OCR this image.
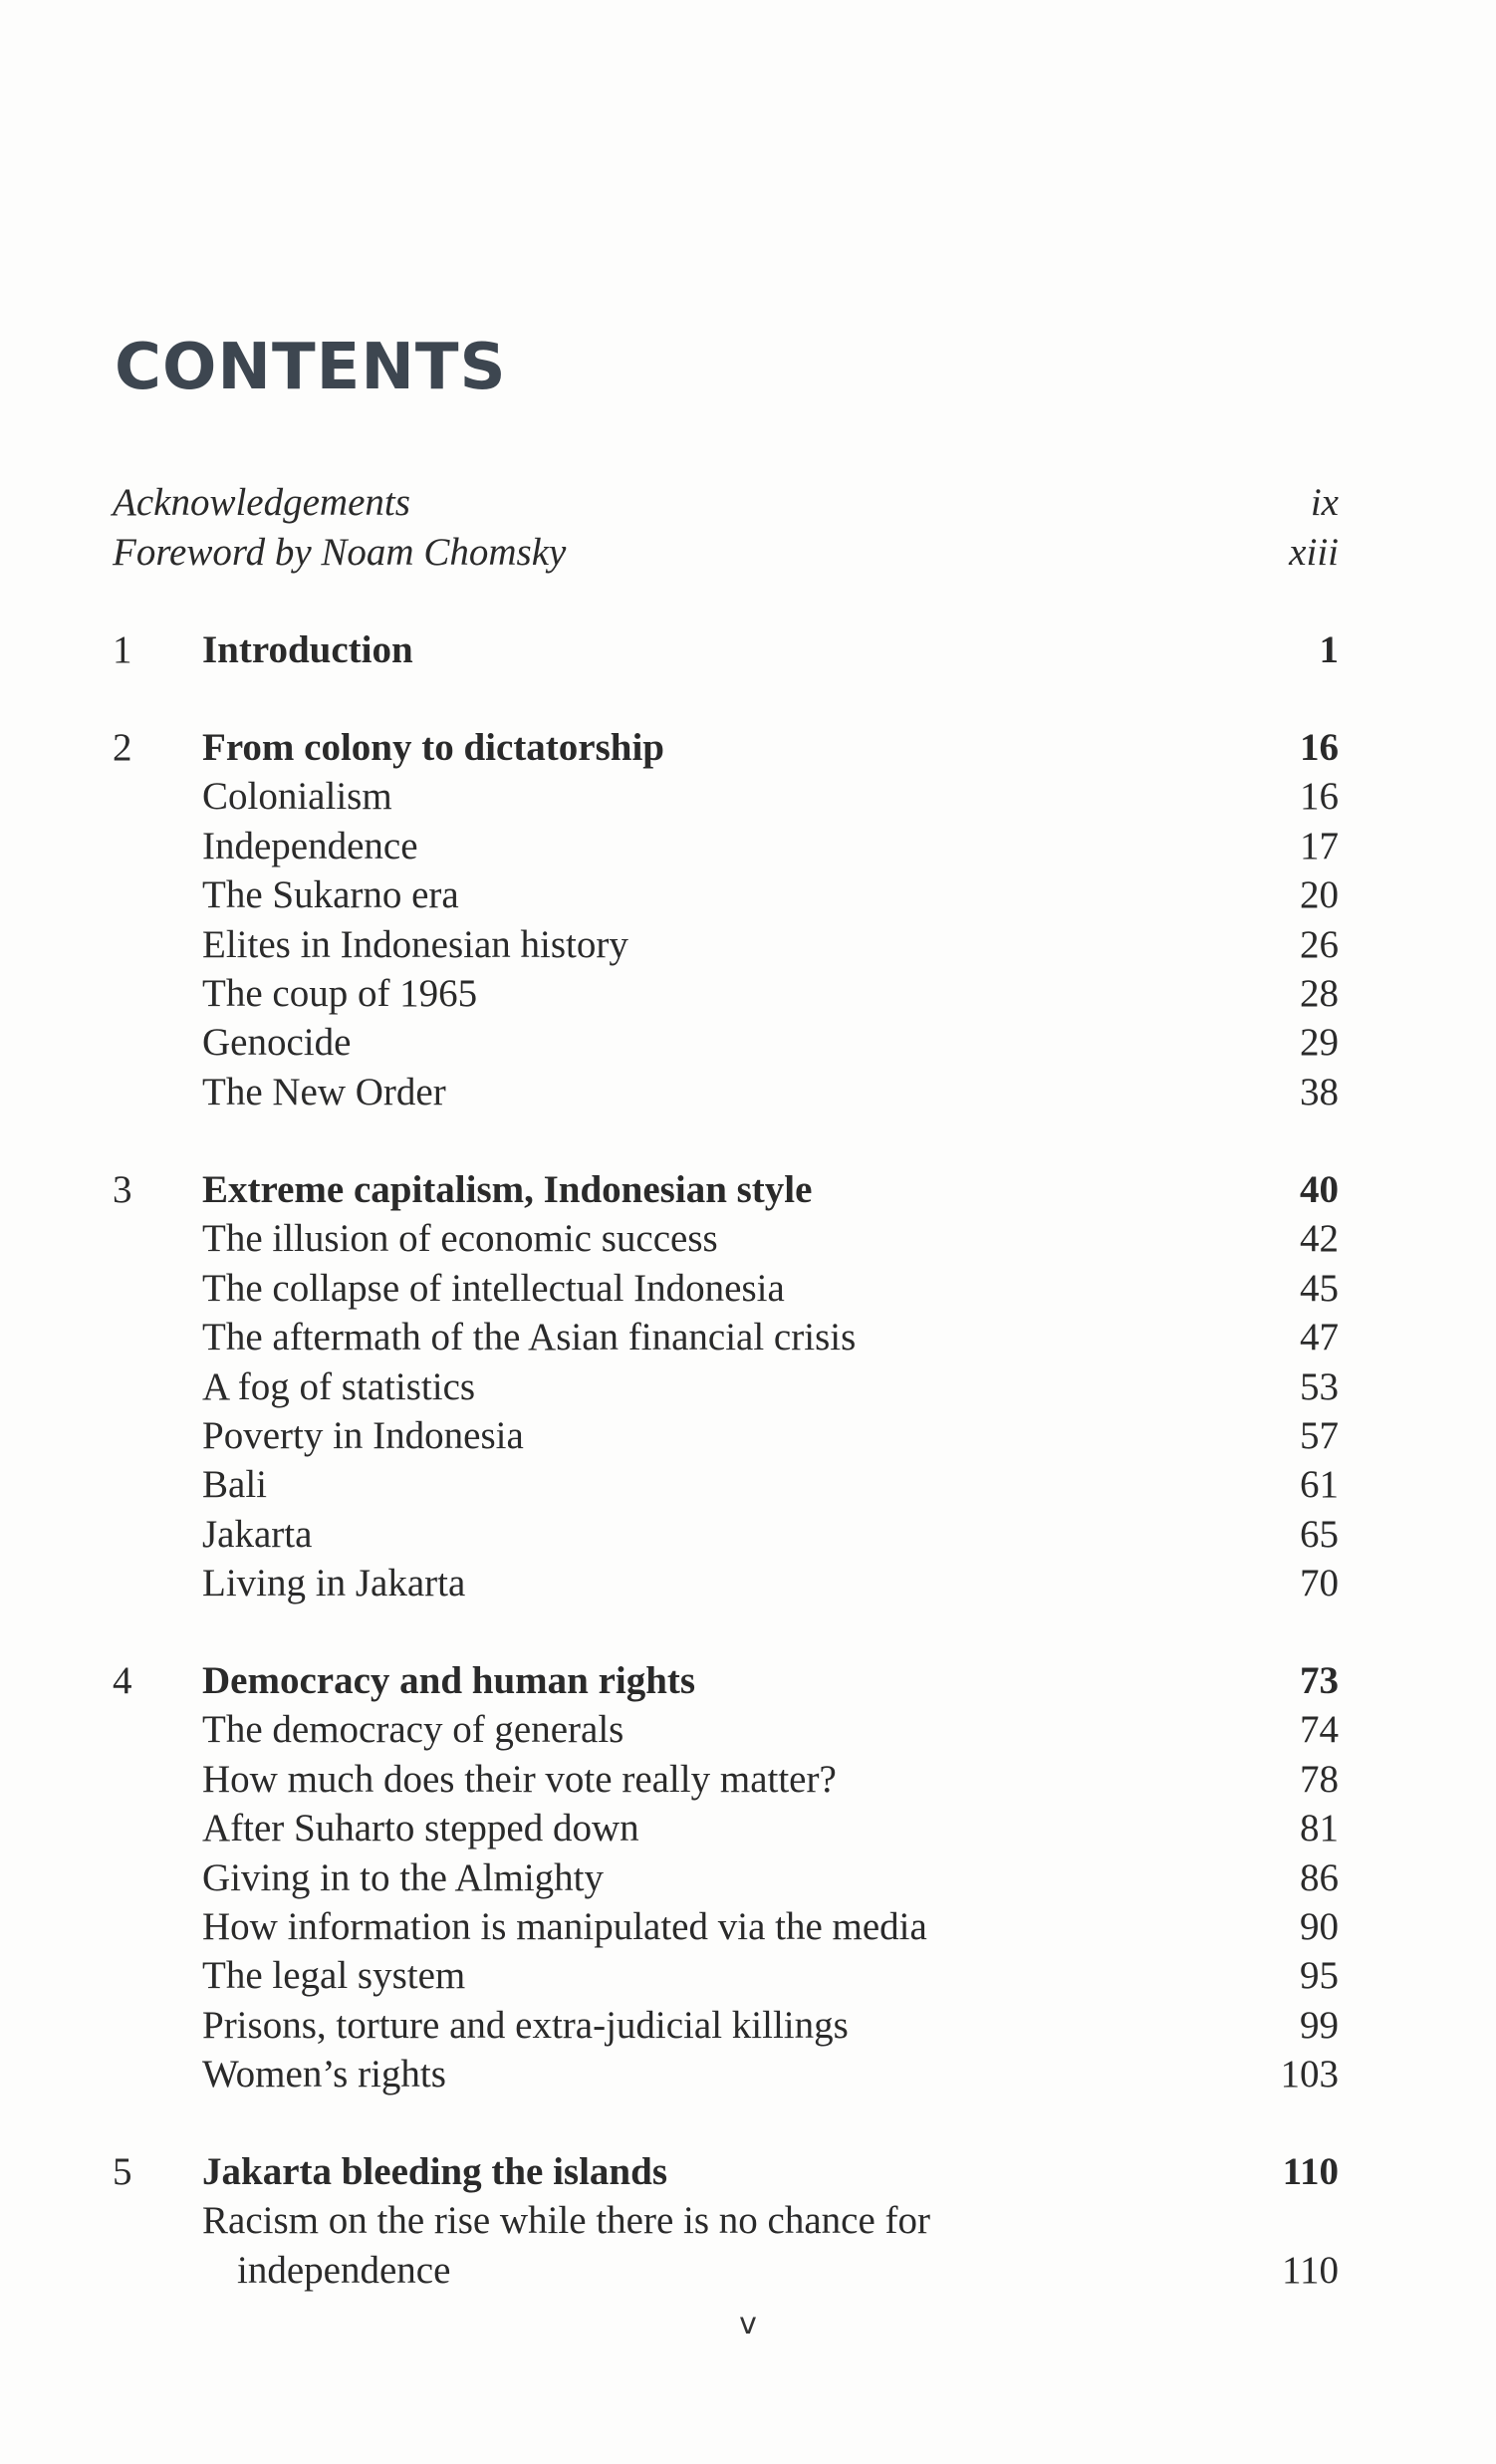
CONTENTS
Acknowledgements	ix
Foreword by Noam Chomsky	xiii
1 Introduction	1
2 From colony to dictatorship	16
Colonialism	16
Independence	17
The Sukarno era	20
Elites in Indonesian history	26
The coup of 1965	28
Genocide	29
The New Order	38
3 Extreme capitalism, Indonesian style	40
The illusion of economic success	42
The collapse of intellectual Indonesia	45
The aftermath of the Asian financial crisis	47
A fog of statistics	53
Poverty in Indonesia	57
Bali	61
Jakarta	65
Living in Jakarta	70
4 Democracy and human rights	73
The democracy of generals	74
How much does their vote really matter?	78
After Suharto stepped down	81
Giving in to the Almighty	86
How information is manipulated via the media	90
The legal system	95
Prisons, torture and extra-judicial killings	99
Women’s rights	103
5 Jakarta bleeding the islands	110
Racism on the rise while there is no chance for
independence	110
v
